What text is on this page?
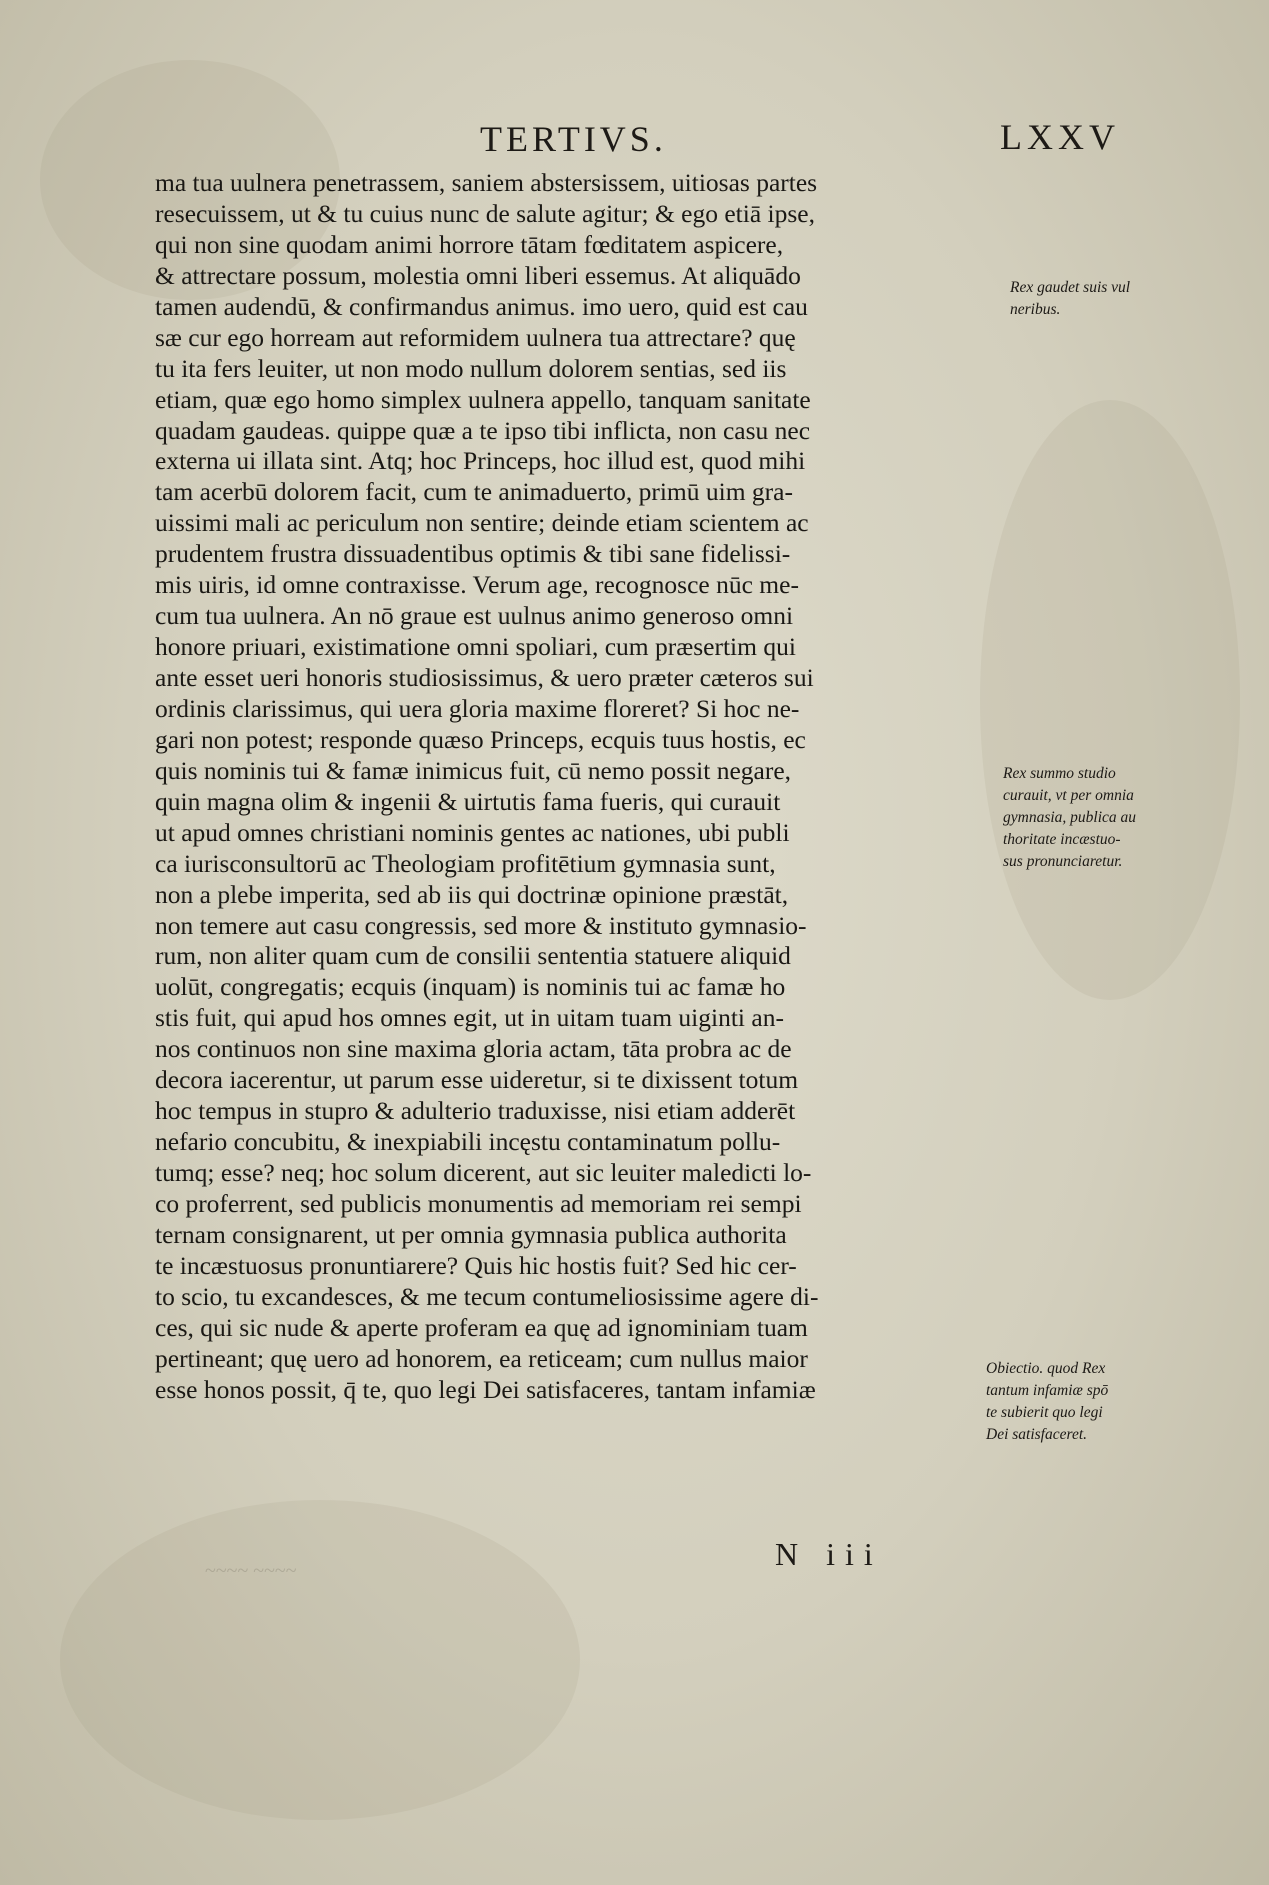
TERTIVS.	LXXV
ma tua uulnera penetrassem, saniem abstersissem, uitiosas partes
resecuissem, ut & tu cuius nunc de salute agitur; & ego etiā ipse,
qui non sine quodam animi horrore tātam fœditatem aspicere,
& attrectare possum, molestia omni liberi essemus. At aliquādo
tamen audendū, & confirmandus animus. imo uero, quid est cau
sæ cur ego horream aut reformidem uulnera tua attrectare? quę
tu ita fers leuiter, ut non modo nullum dolorem sentias, sed iis
etiam, quæ ego homo simplex uulnera appello, tanquam sanitate
quadam gaudeas. quippe quæ a te ipso tibi inflicta, non casu nec
externa ui illata sint. Atq; hoc Princeps, hoc illud est, quod mihi
tam acerbū dolorem facit, cum te animaduerto, primū uim gra-
uissimi mali ac periculum non sentire; deinde etiam scientem ac
prudentem frustra dissuadentibus optimis & tibi sane fidelissi-
mis uiris, id omne contraxisse. Verum age, recognosce nūc me-
cum tua uulnera. An nō graue est uulnus animo generoso omni
honore priuari, existimatione omni spoliari, cum præsertim qui
ante esset ueri honoris studiosissimus, & uero præter cæteros sui
ordinis clarissimus, qui uera gloria maxime floreret? Si hoc ne-
gari non potest; responde quæso Princeps, ecquis tuus hostis, ec
quis nominis tui & famæ inimicus fuit, cū nemo possit negare,
quin magna olim & ingenii & uirtutis fama fueris, qui curauit
ut apud omnes christiani nominis gentes ac nationes, ubi publi
ca iurisconsultorū ac Theologiam profitētium gymnasia sunt,
non a plebe imperita, sed ab iis qui doctrinæ opinione præstāt,
non temere aut casu congressis, sed more & instituto gymnasio-
rum, non aliter quam cum de consilii sententia statuere aliquid
uolūt, congregatis; ecquis (inquam) is nominis tui ac famæ ho
stis fuit, qui apud hos omnes egit, ut in uitam tuam uiginti an-
nos continuos non sine maxima gloria actam, tāta probra ac de
decora iacerentur, ut parum esse uideretur, si te dixissent totum
hoc tempus in stupro & adulterio traduxisse, nisi etiam adderēt
nefario concubitu, & inexpiabili incęstu contaminatum pollu-
tumq; esse? neq; hoc solum dicerent, aut sic leuiter maledicti lo-
co proferrent, sed publicis monumentis ad memoriam rei sempi
ternam consignarent, ut per omnia gymnasia publica authorita
te incæstuosus pronuntiarere? Quis hic hostis fuit? Sed hic cer-
to scio, tu excandesces, & me tecum contumeliosissime agere di-
ces, qui sic nude & aperte proferam ea quę ad ignominiam tuam
pertineant; quę uero ad honorem, ea reticeam; cum nullus maior
esse honos possit, q̄ te, quo legi Dei satisfaceres, tantam infamiæ
Rex gaudet suis vul
neribus.
Rex summo studio
curauit, vt per omnia
gymnasia, publica au
thoritate incæstuo-
sus pronunciaretur.
Obiectio. quod Rex
tantum infamiæ spō
te subierit quo legi
Dei satisfaceret.
N iii
~~~~ ~~~~
